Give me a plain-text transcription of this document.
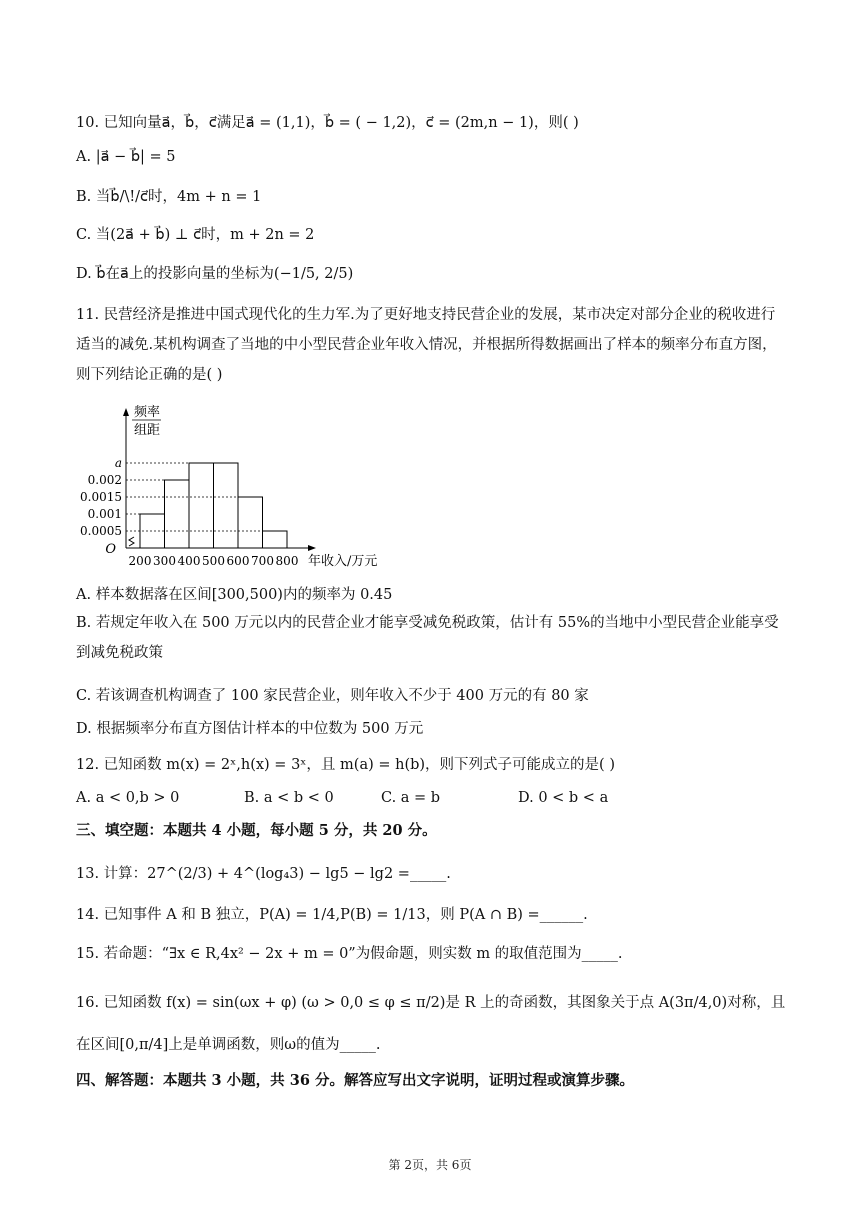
10. 已知向量a⃗，b⃗，c⃗满足a⃗ = (1,1)，b⃗ = ( − 1,2)，c⃗ = (2m,n − 1)，则( )
A. |a⃗ − b⃗| = 5
B. 当b⃗/\!/c⃗时，4m + n = 1
C. 当(2a⃗ + b⃗) ⊥ c⃗时，m + 2n = 2
D. b⃗在a⃗上的投影向量的坐标为(−1/5, 2/5)
11. 民营经济是推进中国式现代化的生力军.为了更好地支持民营企业的发展，某市决定对部分企业的税收进行适当的减免.某机构调查了当地的中小型民营企业年收入情况，并根据所得数据画出了样本的频率分布直方图，则下列结论正确的是( )
频率
组距
O
0.0005
0.001
0.0015
0.002
a
200 300 400 500 600 700 800 年收入/万元
A. 样本数据落在区间[300,500)内的频率为 0.45
B. 若规定年收入在 500 万元以内的民营企业才能享受减免税政策，估计有 55%的当地中小型民营企业能享受到减免税政策
C. 若该调查机构调查了 100 家民营企业，则年收入不少于 400 万元的有 80 家
D. 根据频率分布直方图估计样本的中位数为 500 万元
12. 已知函数 m(x) = 2ˣ,h(x) = 3ˣ，且 m(a) = h(b)，则下列式子可能成立的是( )
A. a < 0,b > 0	B. a < b < 0	C. a = b	D. 0 < b < a
三、填空题：本题共 4 小题，每小题 5 分，共 20 分。
13. 计算：27^(2/3) + 4^(log₄3) − lg5 − lg2 =_____.
14. 已知事件 A 和 B 独立，P(A) = 1/4,P(B) = 1/13，则 P(A ∩ B) =______.
15. 若命题：“∃x ∈ R,4x² − 2x + m = 0”为假命题，则实数 m 的取值范围为_____.
16. 已知函数 f(x) = sin(ωx + φ) (ω > 0,0 ≤ φ ≤ π/2)是 R 上的奇函数，其图象关于点 A(3π/4,0)对称，且在区间[0,π/4]上是单调函数，则ω的值为_____.
四、解答题：本题共 3 小题，共 36 分。解答应写出文字说明，证明过程或演算步骤。
第 2页，共 6页
